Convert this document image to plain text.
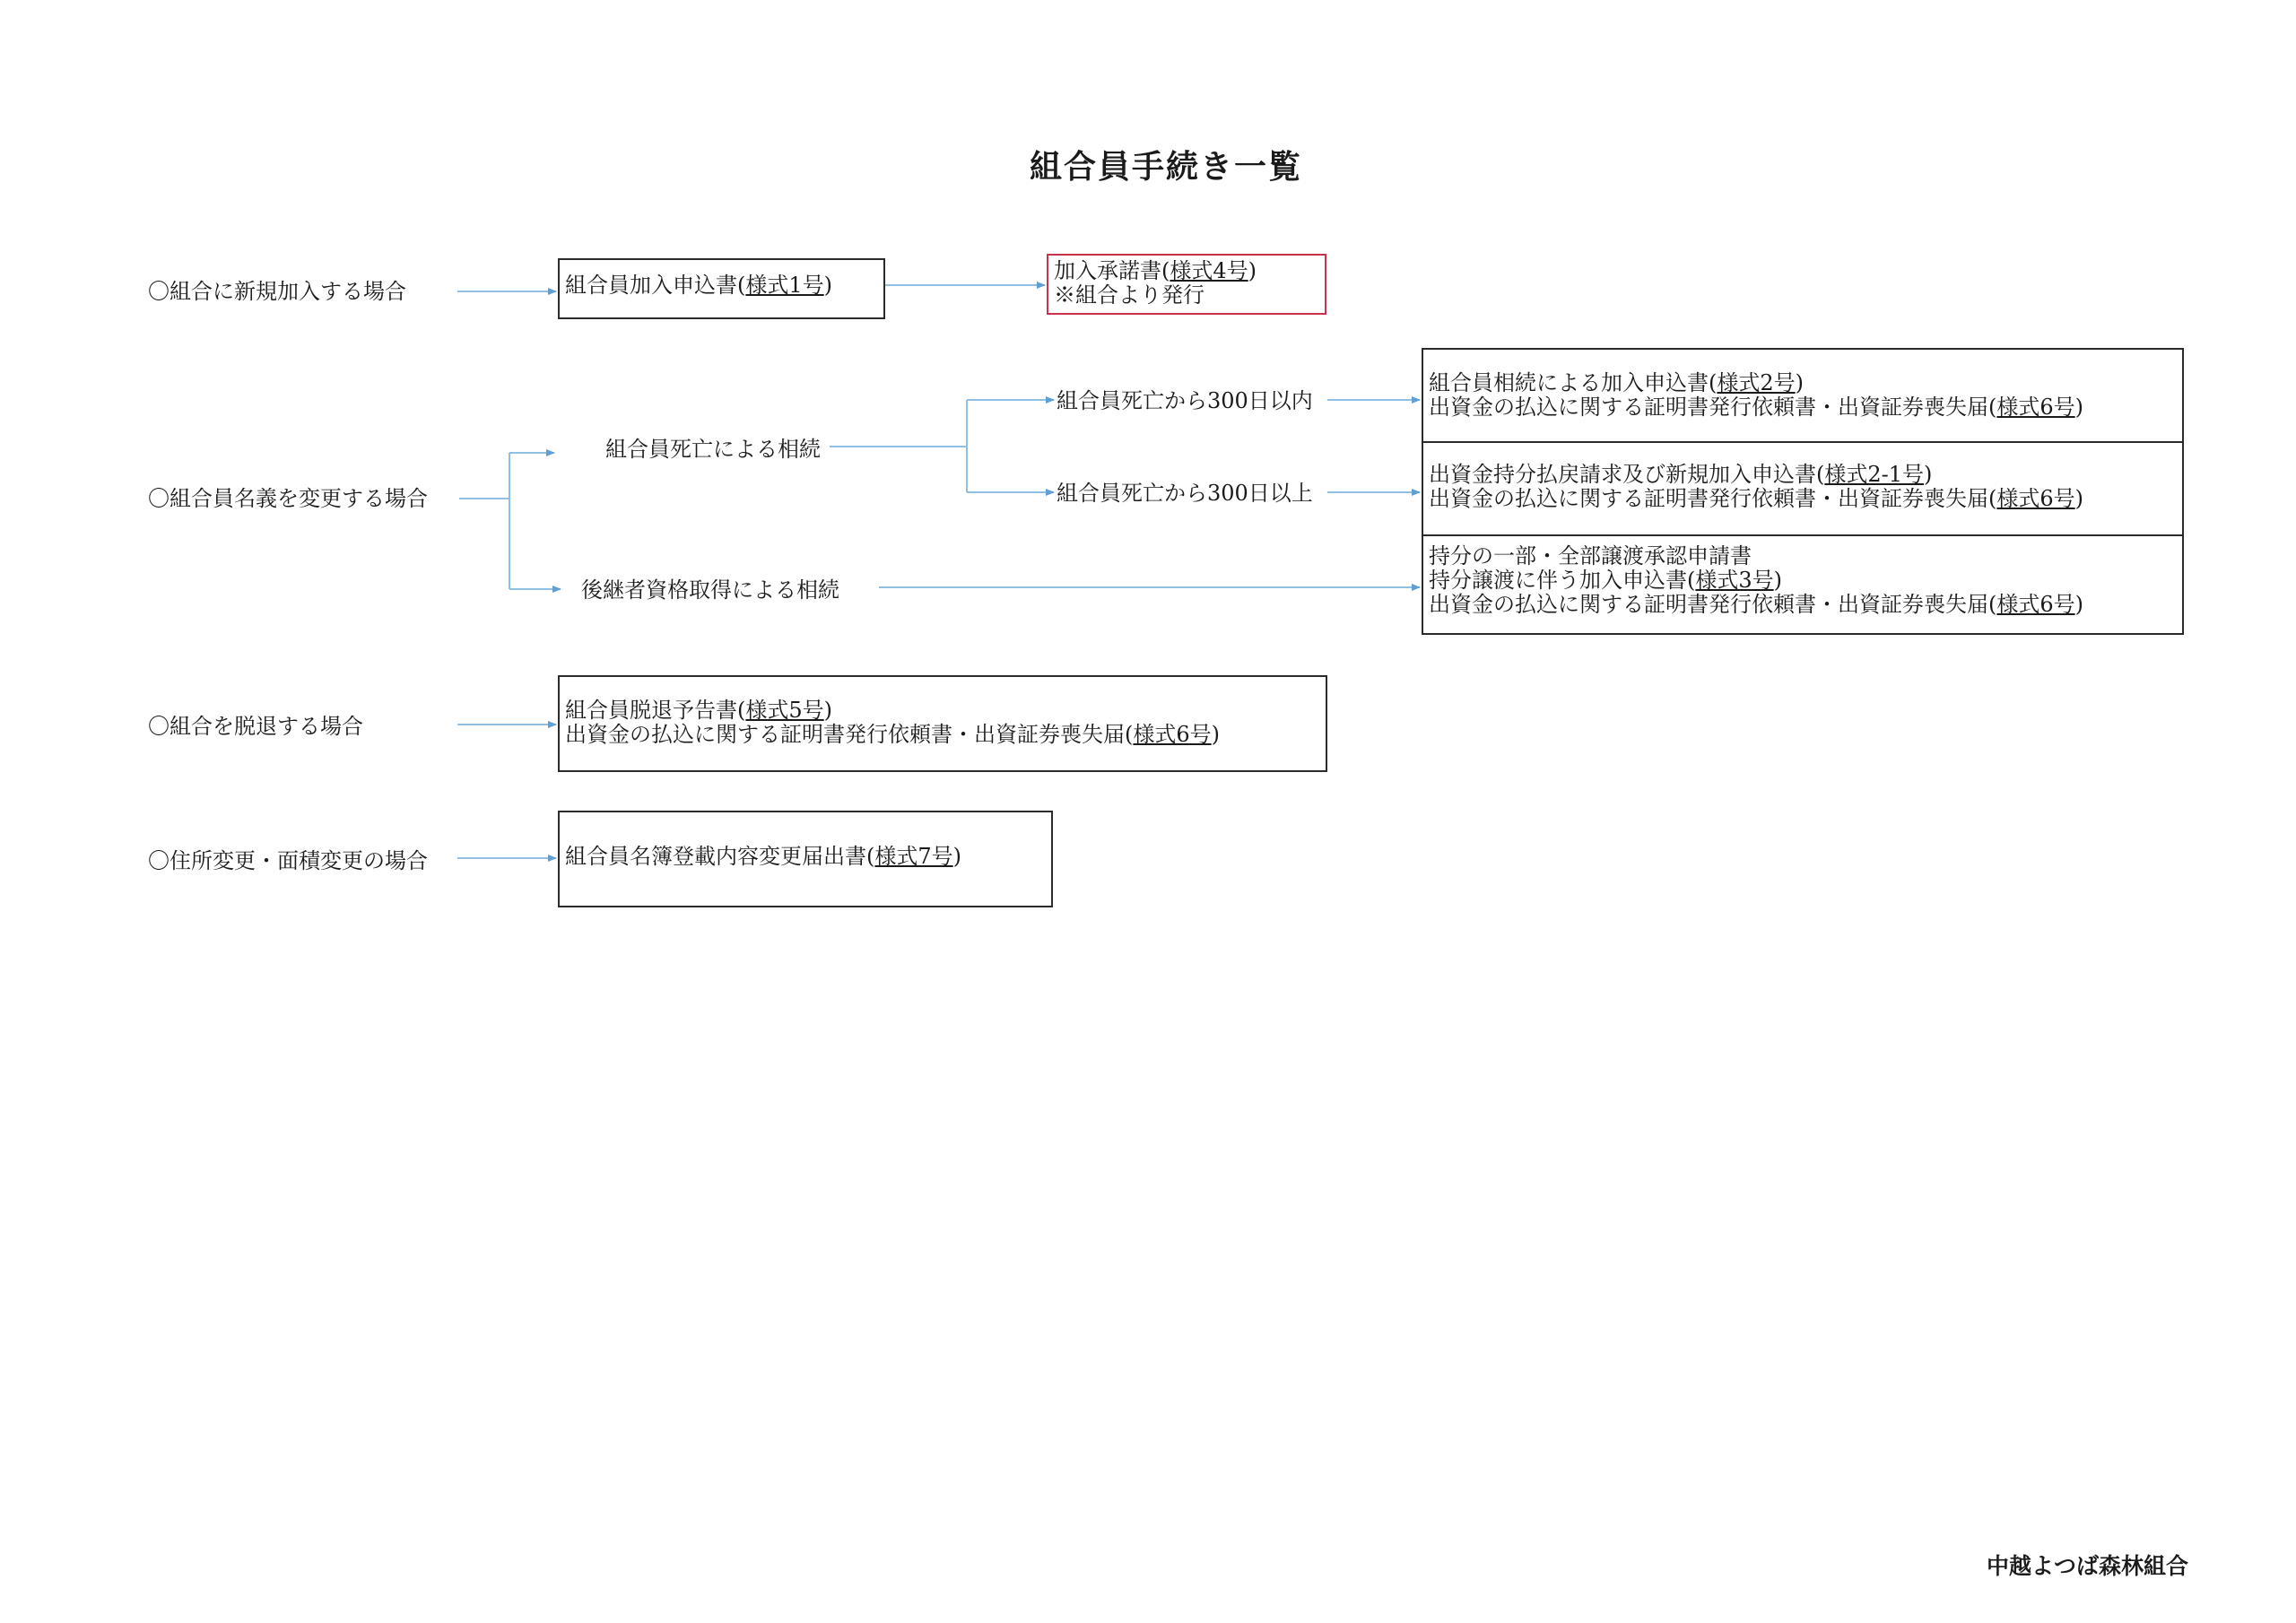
組合員手続き一覧
〇組合に新規加入する場合
〇組合員名義を変更する場合
〇組合を脱退する場合
〇住所変更・面積変更の場合
組合員死亡による相続
後継者資格取得による相続
組合員死亡から300日以内
組合員死亡から300日以上
組合員加入申込書(様式1号)
加入承諾書(様式4号)
※組合より発行
組合員相続による加入申込書(様式2号)
出資金の払込に関する証明書発行依頼書・出資証券喪失届(様式6号)
出資金持分払戻請求及び新規加入申込書(様式2-1号)
出資金の払込に関する証明書発行依頼書・出資証券喪失届(様式6号)
持分の一部・全部譲渡承認申請書
持分譲渡に伴う加入申込書(様式3号)
出資金の払込に関する証明書発行依頼書・出資証券喪失届(様式6号)
組合員脱退予告書(様式5号)
出資金の払込に関する証明書発行依頼書・出資証券喪失届(様式6号)
組合員名簿登載内容変更届出書(様式7号)
中越よつば森林組合
